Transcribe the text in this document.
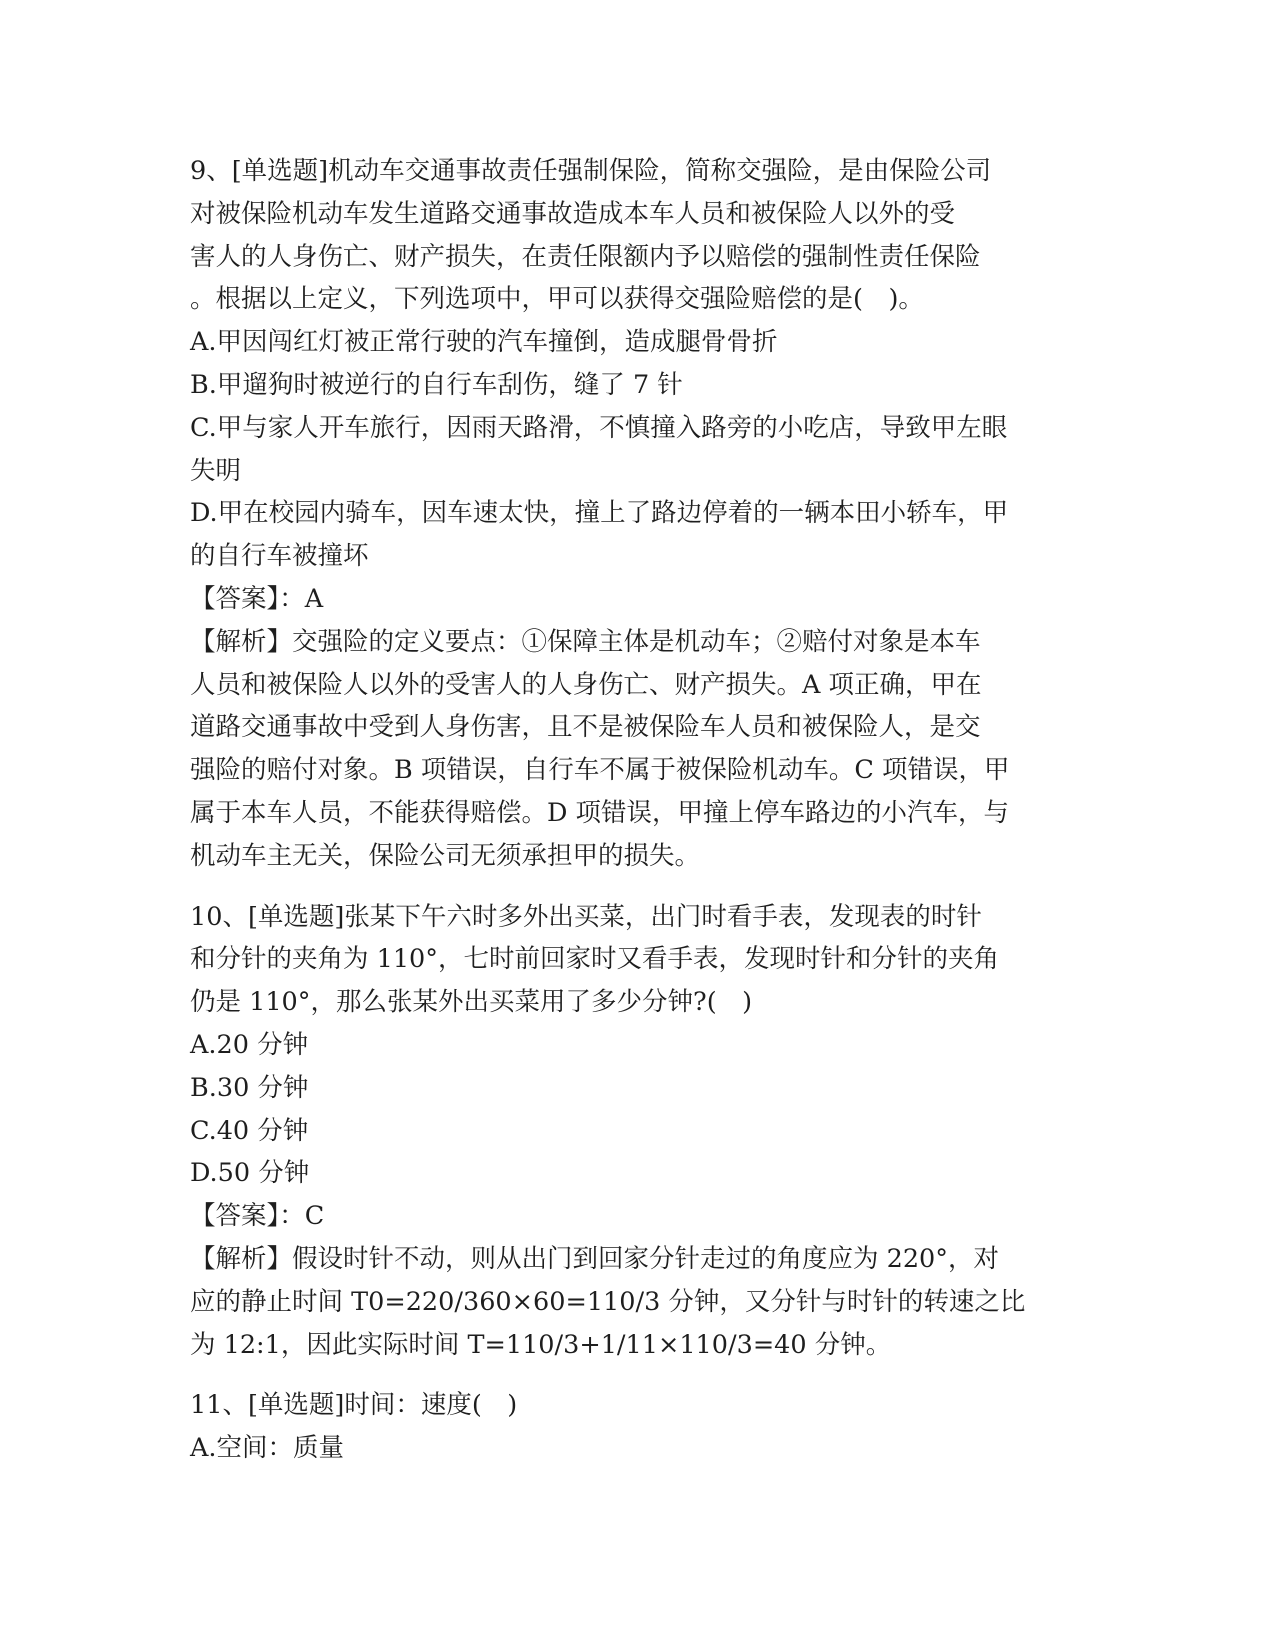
9、[单选题]机动车交通事故责任强制保险，简称交强险，是由保险公司
对被保险机动车发生道路交通事故造成本车人员和被保险人以外的受
害人的人身伤亡、财产损失，在责任限额内予以赔偿的强制性责任保险
。根据以上定义，下列选项中，甲可以获得交强险赔偿的是(　)。
A.甲因闯红灯被正常行驶的汽车撞倒，造成腿骨骨折
B.甲遛狗时被逆行的自行车刮伤，缝了 7 针
C.甲与家人开车旅行，因雨天路滑，不慎撞入路旁的小吃店，导致甲左眼
失明
D.甲在校园内骑车，因车速太快，撞上了路边停着的一辆本田小轿车，甲
的自行车被撞坏
【答案】：A
【解析】交强险的定义要点：①保障主体是机动车；②赔付对象是本车
人员和被保险人以外的受害人的人身伤亡、财产损失。A 项正确，甲在
道路交通事故中受到人身伤害，且不是被保险车人员和被保险人，是交
强险的赔付对象。B 项错误，自行车不属于被保险机动车。C 项错误，甲
属于本车人员，不能获得赔偿。D 项错误，甲撞上停车路边的小汽车，与
机动车主无关，保险公司无须承担甲的损失。
10、[单选题]张某下午六时多外出买菜，出门时看手表，发现表的时针
和分针的夹角为 110°，七时前回家时又看手表，发现时针和分针的夹角
仍是 110°，那么张某外出买菜用了多少分钟?(　)
A.20 分钟
B.30 分钟
C.40 分钟
D.50 分钟
【答案】：C
【解析】假设时针不动，则从出门到回家分针走过的角度应为 220°，对
应的静止时间 T0=220/360×60=110/3 分钟，又分针与时针的转速之比
为 12:1，因此实际时间 T=110/3+1/11×110/3=40 分钟。
11、[单选题]时间：速度(　)
A.空间：质量
